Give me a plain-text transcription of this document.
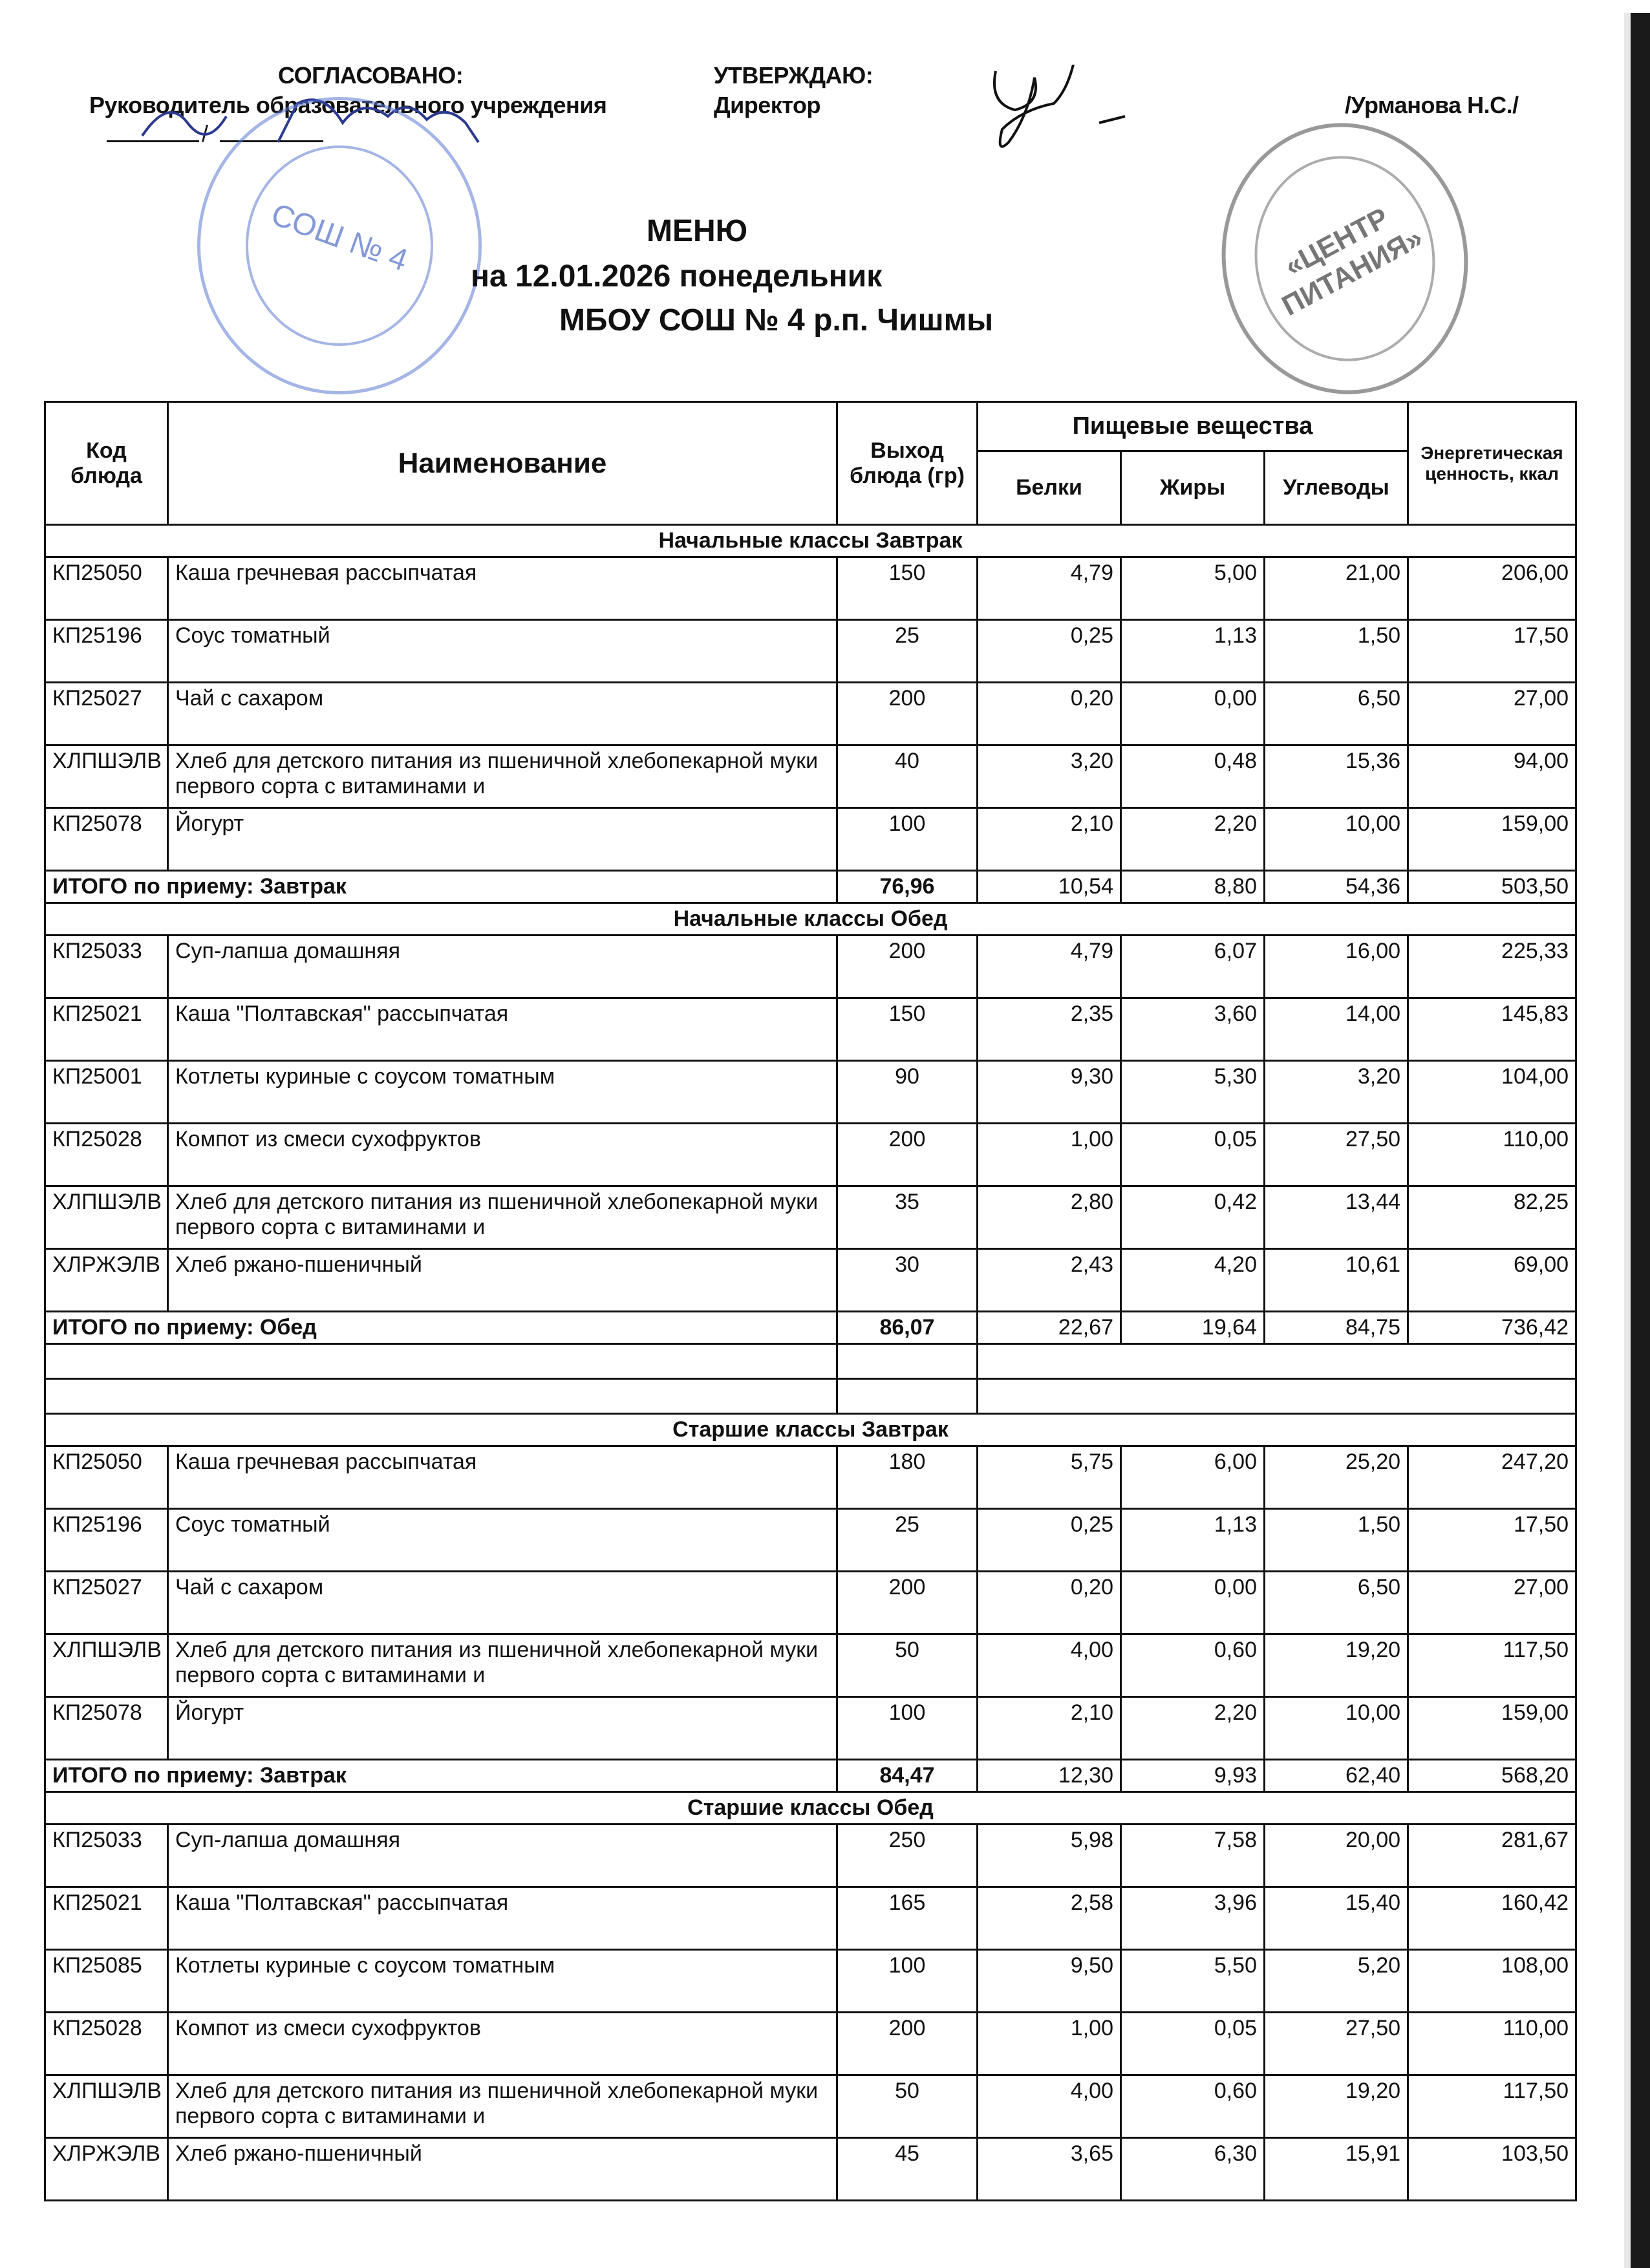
СОГЛАСОВАНО:
Руководитель образовательного учреждения
УТВЕРЖДАЮ:
Директор	/Урманова Н.С./
/
СОШ № 4	«ЦЕНТР ПИТАНИЯ»
МЕНЮ
на 12.01.2026 понедельник
МБОУ СОШ № 4 р.п. Чишмы
Код блюда	Наименование	Выход блюда (гр)	Пищевые вещества			Энергетическая ценность, ккал
			Белки	Жиры	Углеводы	
Начальные классы Завтрак						
КП25050	Каша гречневая рассыпчатая	150	4,79	5,00	21,00	206,00
КП25196	Соус томатный	25	0,25	1,13	1,50	17,50
КП25027	Чай с сахаром	200	0,20	0,00	6,50	27,00
ХЛПШЭЛВ	Хлеб для детского питания из пшеничной хлебопекарной муки первого сорта с витаминами и	40	3,20	0,48	15,36	94,00
КП25078	Йогурт	100	2,10	2,20	10,00	159,00
ИТОГО по приему: Завтрак		76,96	10,54	8,80	54,36	503,50
Начальные классы Обед						
КП25033	Суп-лапша домашняя	200	4,79	6,07	16,00	225,33
КП25021	Каша "Полтавская" рассыпчатая	150	2,35	3,60	14,00	145,83
КП25001	Котлеты куриные с соусом томатным	90	9,30	5,30	3,20	104,00
КП25028	Компот из смеси сухофруктов	200	1,00	0,05	27,50	110,00
ХЛПШЭЛВ	Хлеб для детского питания из пшеничной хлебопекарной муки первого сорта с витаминами и	35	2,80	0,42	13,44	82,25
ХЛРЖЭЛВ	Хлеб ржано-пшеничный	30	2,43	4,20	10,61	69,00
ИТОГО по приему: Обед		86,07	22,67	19,64	84,75	736,42

Старшие классы Завтрак						
КП25050	Каша гречневая рассыпчатая	180	5,75	6,00	25,20	247,20
КП25196	Соус томатный	25	0,25	1,13	1,50	17,50
КП25027	Чай с сахаром	200	0,20	0,00	6,50	27,00
ХЛПШЭЛВ	Хлеб для детского питания из пшеничной хлебопекарной муки первого сорта с витаминами и	50	4,00	0,60	19,20	117,50
КП25078	Йогурт	100	2,10	2,20	10,00	159,00
ИТОГО по приему: Завтрак		84,47	12,30	9,93	62,40	568,20
Старшие классы Обед						
КП25033	Суп-лапша домашняя	250	5,98	7,58	20,00	281,67
КП25021	Каша "Полтавская" рассыпчатая	165	2,58	3,96	15,40	160,42
КП25085	Котлеты куриные с соусом томатным	100	9,50	5,50	5,20	108,00
КП25028	Компот из смеси сухофруктов	200	1,00	0,05	27,50	110,00
ХЛПШЭЛВ	Хлеб для детского питания из пшеничной хлебопекарной муки первого сорта с витаминами и	50	4,00	0,60	19,20	117,50
ХЛРЖЭЛВ	Хлеб ржано-пшеничный	45	3,65	6,30	15,91	103,50
